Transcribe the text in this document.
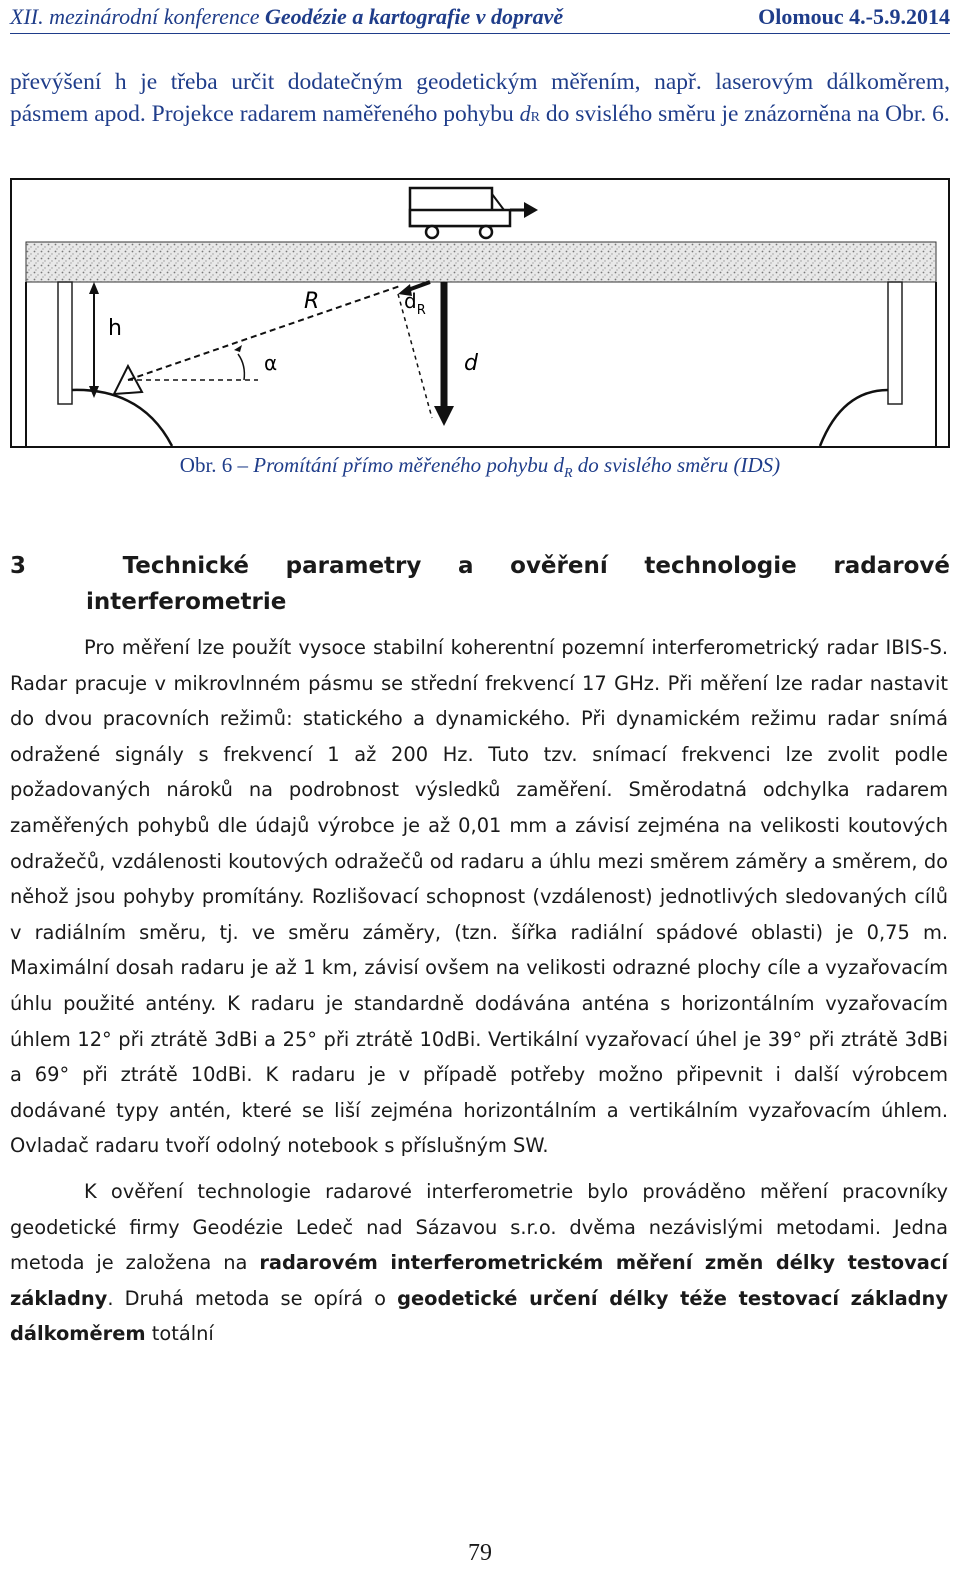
XII. mezinárodní konference Geodézie a kartografie v dopravě	Olomouc 4.-5.9.2014
převýšení h je třeba určit dodatečným geodetickým měřením, např. laserovým dálkoměrem, pásmem apod. Projekce radarem naměřeného pohybu dR do svislého směru je znázorněna na Obr. 6.
h
R
α
$d_R$
d
Obr. 6 – Promítání přímo měřeného pohybu $d_R$ do svislého směru (IDS)
3	Technické parametry a ověření technologie radarové
interferometrie

Pro měření lze použít vysoce stabilní koherentní pozemní interferometrický radar IBIS-S. Radar pracuje v mikrovlnném pásmu se střední frekvencí 17 GHz. Při měření lze radar nastavit do dvou pracovních režimů: statického a dynamického. Při dynamickém režimu radar snímá odražené signály s frekvencí 1 až 200 Hz. Tuto tzv. snímací frekvenci lze zvolit podle požadovaných nároků na podrobnost výsledků zaměření. Směrodatná odchylka radarem zaměřených pohybů dle údajů výrobce je až 0,01 mm a závisí zejména na velikosti koutových odražečů, vzdálenosti koutových odražečů od radaru a úhlu mezi směrem záměry a směrem, do něhož jsou pohyby promítány. Rozlišovací schopnost (vzdálenost) jednotlivých sledovaných cílů v radiálním směru, tj. ve směru záměry, (tzn. šířka radiální spádové oblasti) je 0,75 m. Maximální dosah radaru je až 1 km, závisí ovšem na velikosti odrazné plochy cíle a vyzařovacím úhlu použité antény. K radaru je standardně dodávána anténa s horizontálním vyzařovacím úhlem 12° při ztrátě 3dBi a 25° při ztrátě 10dBi. Vertikální vyzařovací úhel je 39° při ztrátě 3dBi a 69° při ztrátě 10dBi. K radaru je v případě potřeby možno připevnit i další výrobcem dodávané typy antén, které se liší zejména horizontálním a vertikálním vyzařovacím úhlem. Ovladač radaru tvoří odolný notebook s příslušným SW.

K ověření technologie radarové interferometrie bylo prováděno měření pracovníky geodetické firmy Geodézie Ledeč nad Sázavou s.r.o. dvěma nezávislými metodami. Jedna metoda je založena na radarovém interferometrickém měření změn délky testovací základny. Druhá metoda se opírá o geodetické určení délky téže testovací základny dálkoměrem totální

79
